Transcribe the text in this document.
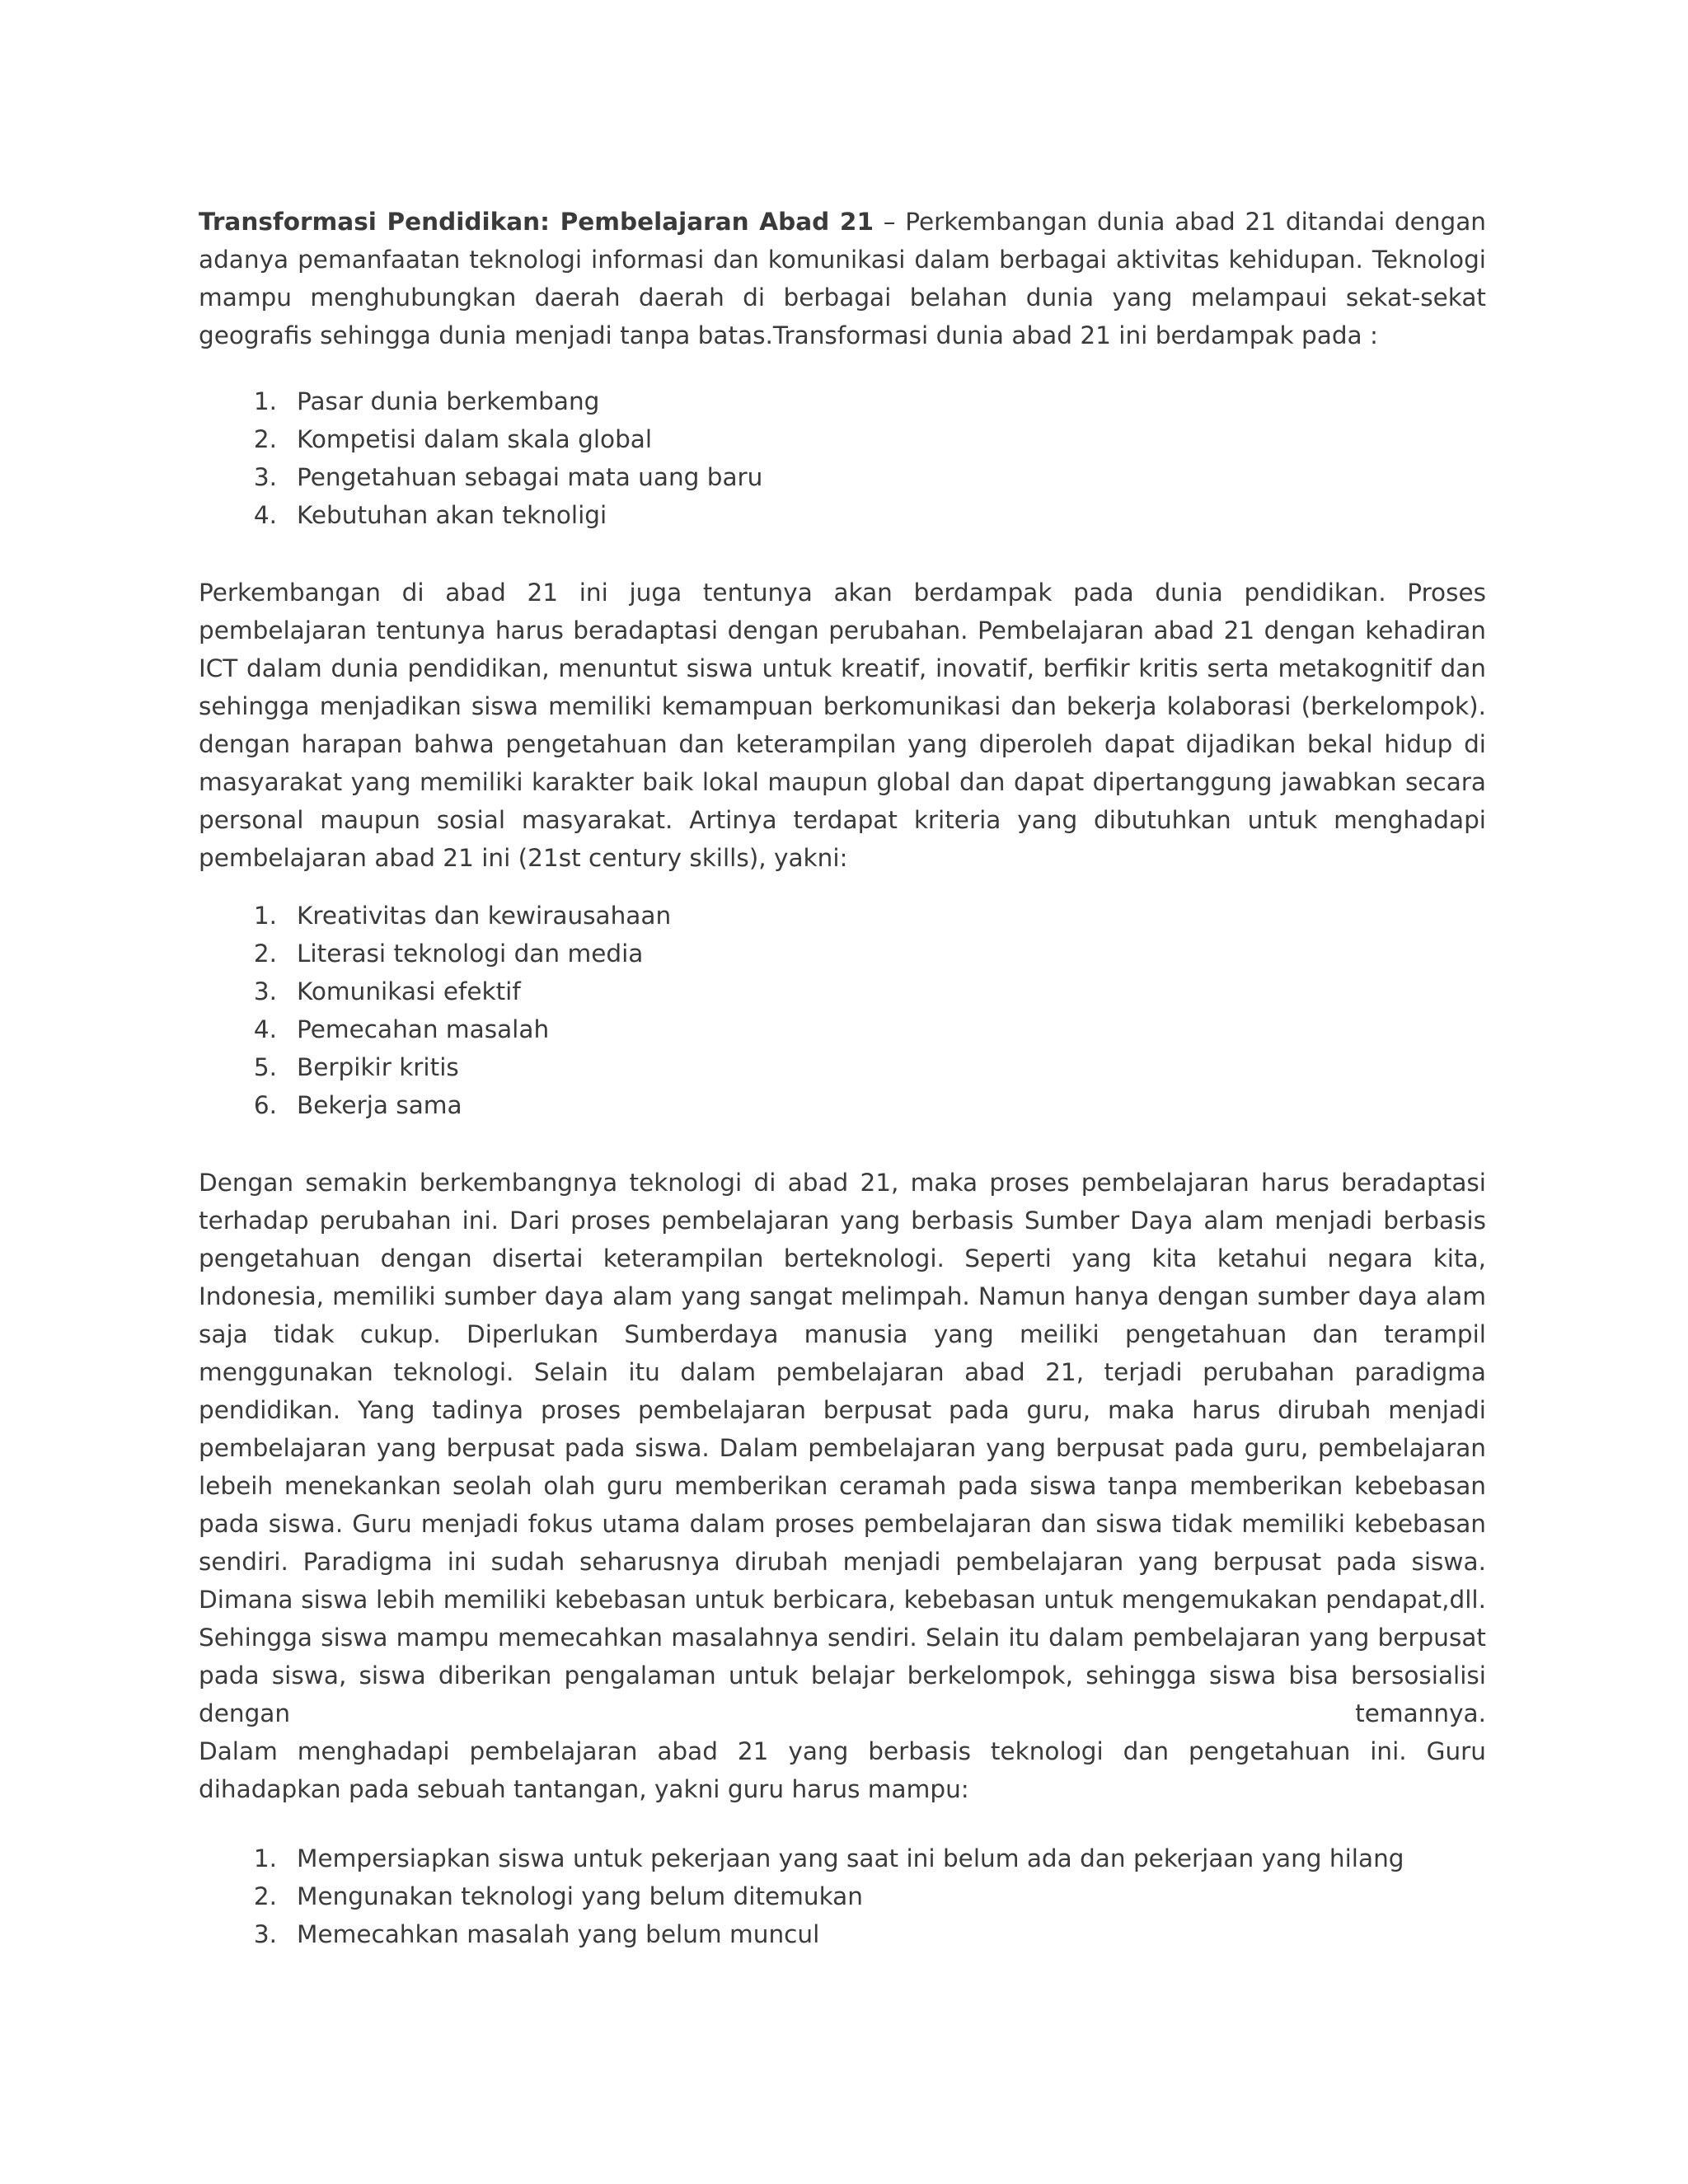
Transformasi Pendidikan: Pembelajaran Abad 21 – Perkembangan dunia abad 21 ditandai dengan adanya pemanfaatan teknologi informasi dan komunikasi dalam berbagai aktivitas kehidupan. Teknologi mampu menghubungkan daerah daerah di berbagai belahan dunia yang melampaui sekat-sekat geografis sehingga dunia menjadi tanpa batas.Transformasi dunia abad 21 ini berdampak pada :

1. Pasar dunia berkembang
2. Kompetisi dalam skala global
3. Pengetahuan sebagai mata uang baru
4. Kebutuhan akan teknoligi

Perkembangan di abad 21 ini juga tentunya akan berdampak pada dunia pendidikan. Proses pembelajaran tentunya harus beradaptasi dengan perubahan. Pembelajaran abad 21 dengan kehadiran ICT dalam dunia pendidikan, menuntut siswa untuk kreatif, inovatif, berfikir kritis serta metakognitif dan sehingga menjadikan siswa memiliki kemampuan berkomunikasi dan bekerja kolaborasi (berkelompok). dengan harapan bahwa pengetahuan dan keterampilan yang diperoleh dapat dijadikan bekal hidup di masyarakat yang memiliki karakter baik lokal maupun global dan dapat dipertanggung jawabkan secara personal maupun sosial masyarakat. Artinya terdapat kriteria yang dibutuhkan untuk menghadapi pembelajaran abad 21 ini (21st century skills), yakni:

1. Kreativitas dan kewirausahaan
2. Literasi teknologi dan media
3. Komunikasi efektif
4. Pemecahan masalah
5. Berpikir kritis
6. Bekerja sama

Dengan semakin berkembangnya teknologi di abad 21, maka proses pembelajaran harus beradaptasi terhadap perubahan ini. Dari proses pembelajaran yang berbasis Sumber Daya alam menjadi berbasis pengetahuan dengan disertai keterampilan berteknologi. Seperti yang kita ketahui negara kita, Indonesia, memiliki sumber daya alam yang sangat melimpah. Namun hanya dengan sumber daya alam saja tidak cukup. Diperlukan Sumberdaya manusia yang meiliki pengetahuan dan terampil menggunakan teknologi. Selain itu dalam pembelajaran abad 21, terjadi perubahan paradigma pendidikan. Yang tadinya proses pembelajaran berpusat pada guru, maka harus dirubah menjadi pembelajaran yang berpusat pada siswa. Dalam pembelajaran yang berpusat pada guru, pembelajaran lebeih menekankan seolah olah guru memberikan ceramah pada siswa tanpa memberikan kebebasan pada siswa. Guru menjadi fokus utama dalam proses pembelajaran dan siswa tidak memiliki kebebasan sendiri. Paradigma ini sudah seharusnya dirubah menjadi pembelajaran yang berpusat pada siswa. Dimana siswa lebih memiliki kebebasan untuk berbicara, kebebasan untuk mengemukakan pendapat,dll. Sehingga siswa mampu memecahkan masalahnya sendiri. Selain itu dalam pembelajaran yang berpusat pada siswa, siswa diberikan pengalaman untuk belajar berkelompok, sehingga siswa bisa bersosialisi dengan temannya.

Dalam menghadapi pembelajaran abad 21 yang berbasis teknologi dan pengetahuan ini. Guru dihadapkan pada sebuah tantangan, yakni guru harus mampu:

1. Mempersiapkan siswa untuk pekerjaan yang saat ini belum ada dan pekerjaan yang hilang
2. Mengunakan teknologi yang belum ditemukan
3. Memecahkan masalah yang belum muncul
